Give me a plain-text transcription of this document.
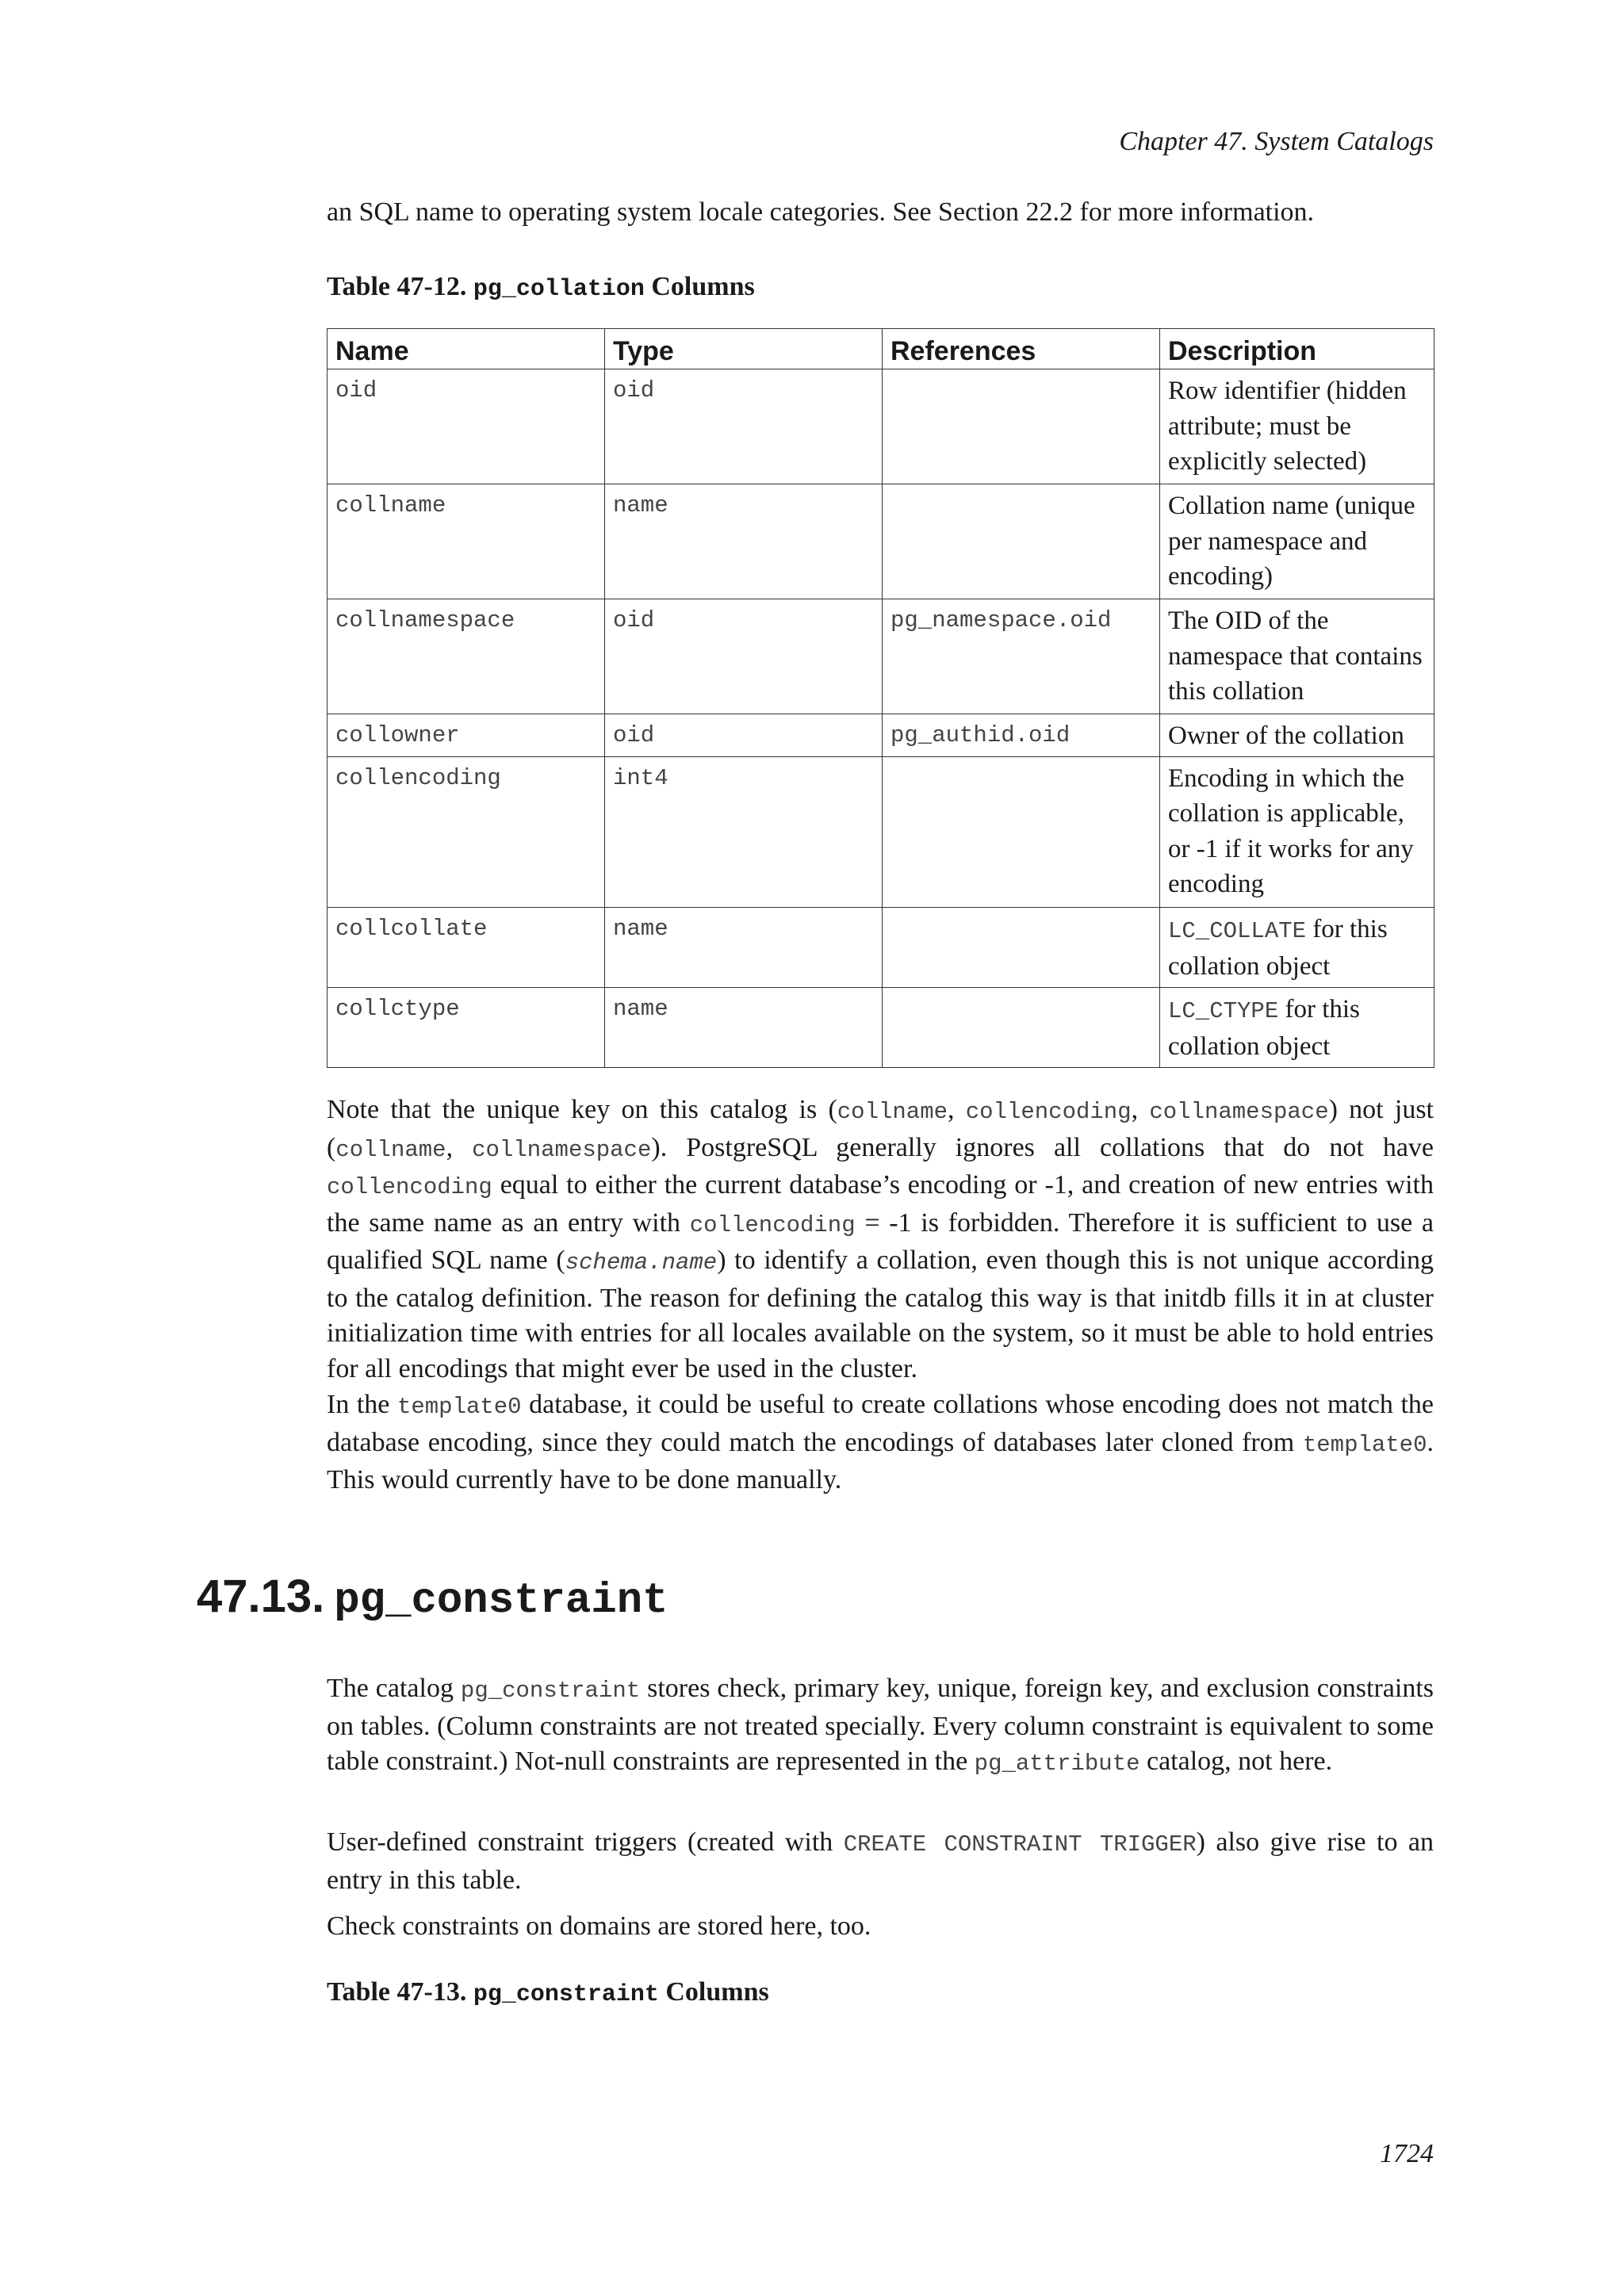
Chapter 47. System Catalogs

an SQL name to operating system locale categories. See Section 22.2 for more information.

Table 47-12. pg_collation Columns

Name	Type	References	Description
oid	oid		Row identifier (hidden attribute; must be explicitly selected)
collname	name		Collation name (unique per namespace and encoding)
collnamespace	oid	pg_namespace.oid	The OID of the namespace that contains this collation
collowner	oid	pg_authid.oid	Owner of the collation
collencoding	int4		Encoding in which the collation is applicable, or -1 if it works for any encoding
collcollate	name		LC_COLLATE for this collation object
collctype	name		LC_CTYPE for this collation object

Note that the unique key on this catalog is (collname, collencoding, collnamespace) not just (collname, collnamespace). PostgreSQL generally ignores all collations that do not have collencoding equal to either the current database’s encoding or -1, and creation of new entries with the same name as an entry with collencoding = -1 is forbidden. Therefore it is sufficient to use a qualified SQL name (schema.name) to identify a collation, even though this is not unique according to the catalog definition. The reason for defining the catalog this way is that initdb fills it in at cluster initialization time with entries for all locales available on the system, so it must be able to hold entries for all encodings that might ever be used in the cluster.

In the template0 database, it could be useful to create collations whose encoding does not match the database encoding, since they could match the encodings of databases later cloned from template0. This would currently have to be done manually.

47.13. pg_constraint

The catalog pg_constraint stores check, primary key, unique, foreign key, and exclusion constraints on tables. (Column constraints are not treated specially. Every column constraint is equivalent to some table constraint.) Not-null constraints are represented in the pg_attribute catalog, not here.

User-defined constraint triggers (created with CREATE CONSTRAINT TRIGGER) also give rise to an entry in this table.

Check constraints on domains are stored here, too.

Table 47-13. pg_constraint Columns

1724
